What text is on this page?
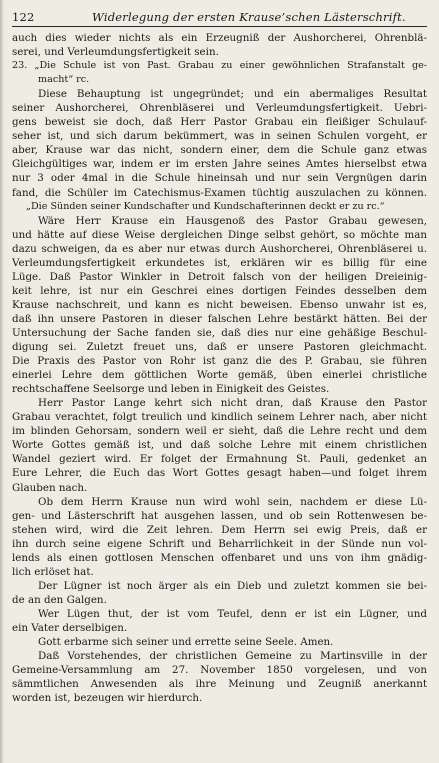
122	Widerlegung der ersten Krause’schen Lästerschrift.
auch dies wieder nichts als ein Erzeugniß der Aushorcherei, Ohrenblä-
serei, und Verleumdungsfertigkeit sein.
23. „Die Schule ist von Past. Grabau zu einer gewöhnlichen Strafanstalt ge-
macht“ rc.
Diese Behauptung ist ungegründet; und ein abermaliges Resultat
seiner Aushorcherei, Ohrenbläserei und Verleumdungsfertigkeit. Uebri-
gens beweist sie doch, daß Herr Pastor Grabau ein fleißiger Schulauf-
seher ist, und sich darum bekümmert, was in seinen Schulen vorgeht, er
aber, Krause war das nicht, sondern einer, dem die Schule ganz etwas
Gleichgültiges war, indem er im ersten Jahre seines Amtes hierselbst etwa
nur 3 oder 4mal in die Schule hineinsah und nur sein Vergnügen darin
fand, die Schüler im Catechismus-Examen tüchtig auszulachen zu können.
„Die Sünden seiner Kundschafter und Kundschafterinnen deckt er zu rc.“
Wäre Herr Krause ein Hausgenoß des Pastor Grabau gewesen,
und hätte auf diese Weise dergleichen Dinge selbst gehört, so möchte man
dazu schweigen, da es aber nur etwas durch Aushorcherei, Ohrenbläserei u.
Verleumdungsfertigkeit erkundetes ist, erklären wir es billig für eine
Lüge. Daß Pastor Winkler in Detroit falsch von der heiligen Dreieinig-
keit lehre, ist nur ein Geschrei eines dortigen Feindes desselben dem
Krause nachschreit, und kann es nicht beweisen. Ebenso unwahr ist es,
daß ihn unsere Pastoren in dieser falschen Lehre bestärkt hätten. Bei der
Untersuchung der Sache fanden sie, daß dies nur eine gehäßige Beschul-
digung sei. Zuletzt freuet uns, daß er unsere Pastoren gleichmacht.
Die Praxis des Pastor von Rohr ist ganz die des P. Grabau, sie führen
einerlei Lehre dem göttlichen Worte gemäß, üben einerlei christliche
rechtschaffene Seelsorge und leben in Einigkeit des Geistes.
Herr Pastor Lange kehrt sich nicht dran, daß Krause den Pastor
Grabau verachtet, folgt treulich und kindlich seinem Lehrer nach, aber nicht
im blinden Gehorsam, sondern weil er sieht, daß die Lehre recht und dem
Worte Gottes gemäß ist, und daß solche Lehre mit einem christlichen
Wandel geziert wird. Er folget der Ermahnung St. Pauli, gedenket an
Eure Lehrer, die Euch das Wort Gottes gesagt haben—und folget ihrem
Glauben nach.
Ob dem Herrn Krause nun wird wohl sein, nachdem er diese Lü-
gen- und Lästerschrift hat ausgehen lassen, und ob sein Rottenwesen be-
stehen wird, wird die Zeit lehren. Dem Herrn sei ewig Preis, daß er
ihn durch seine eigene Schrift und Beharrlichkeit in der Sünde nun vol-
lends als einen gottlosen Menschen offenbaret und uns von ihm gnädig-
lich erlöset hat.
Der Lügner ist noch ärger als ein Dieb und zuletzt kommen sie bei-
de an den Galgen.
Wer Lügen thut, der ist vom Teufel, denn er ist ein Lügner, und
ein Vater derselbigen.
Gott erbarme sich seiner und errette seine Seele. Amen.
Daß Vorstehendes, der christlichen Gemeine zu Martinsville in der
Gemeine-Versammlung am 27. November 1850 vorgelesen, und von
sämmtlichen Anwesenden als ihre Meinung und Zeugniß anerkannt
worden ist, bezeugen wir hierdurch.
